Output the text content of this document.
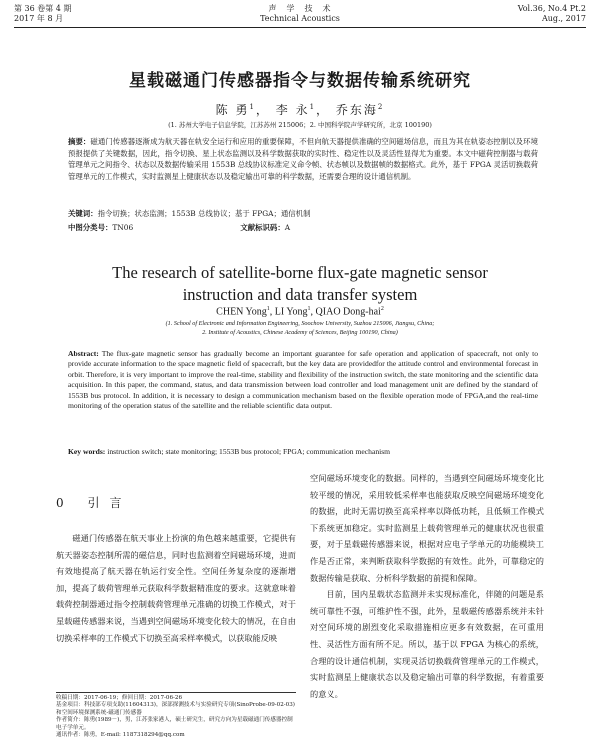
第 36 卷第 4 期
2017 年 8 月
声　学　技　术
Technical Acoustics
Vol.36, No.4 Pt.2
Aug., 2017
星载磁通门传感器指令与数据传输系统研究
陈 勇$^1$， 李 永$^1$， 乔东海$^2$
(1. 苏州大学电子信息学院，江苏苏州 215006；2. 中国科学院声学研究所，北京 100190)
摘要：磁通门传感器逐渐成为航天器在轨安全运行和应用的重要保障，不但向航天器提供准确的空间磁场信息，而且为其在轨姿态控制以及环境预报提供了关键数据，因此，指令切换、星上状态监测以及科学数据获取的实时性、稳定性以及灵活性显得尤为重要。本文中磁荷控制器与载荷管理单元之间指令、状态以及数据传输采用 1553B 总线协议标准定义命令帧、状态帧以及数据帧的数据格式。此外，基于 FPGA 灵活切换载荷管理单元的工作模式，实时监测星上健康状态以及稳定输出可靠的科学数据，还需要合理的设计通信机制。
关键词：指令切换；状态监测；1553B 总线协议；基于 FPGA；通信机制
中图分类号：TN06	文献标识码：A
The research of satellite-borne flux-gate magnetic sensor
instruction and data transfer system
CHEN Yong$^1$, LI Yong$^1$, QIAO Dong-hai$^2$
(1. School of Electronic and Information Engineering, Soochow University, Suzhou 215006, Jiangsu, China;
2. Institute of Acoustics, Chinese Academy of Sciences, Beijing 100190, China)
Abstract: The flux-gate magnetic sensor has gradually become an important guarantee for safe operation and application of spacecraft, not only to provide accurate information to the space magnetic field of spacecraft, but the key data are providedfor the attitude control and environmental forecast in orbit. Therefore, it is very important to improve the real-time, stability and flexibility of the instruction switch, the state monitoring and the scientific data acquisition. In this paper, the command, status, and data transmission between load controller and load management unit are defined by the standard of 1553B bus protocol. In addition, it is necessary to design a communication mechanism based on the flexible operation mode of FPGA,and the real-time monitoring of the operation status of the satellite and the reliable scientific data output.
Key words: instruction switch; state monitoring; 1553B bus protocol; FPGA; communication mechanism
0 引言

磁通门传感器在航天事业上扮演的角色越来越重要，它提供有航天器姿态控制所需的磁信息，同时也监测着空间磁场环境，进而有效地提高了航天器在轨运行安全性。空间任务复杂度的逐渐增加，提高了载荷管理单元获取科学数据精准度的要求。这就意味着载荷控制器通过指令控制载荷管理单元准确的切换工作模式，对于星载磁传感器来说，当遇到空间磁场环境变化较大的情况，在自由切换采样率的工作模式下切换至高采样率模式，以获取能反映

空间磁场环境变化的数据。同样的，当遇到空间磁场环境变化比较平缓的情况，采用较低采样率也能获取反映空间磁场环境变化的数据，此时无需切换至高采样率以降低功耗，且低频工作模式下系统更加稳定。实时监测星上载荷管理单元的健康状况也很重要，对于星载磁传感器来说，根据对应电子学单元的功能模块工作是否正常，来判断获取科学数据的有效性。此外，可靠稳定的数据传输是获取、分析科学数据的前提和保障。

目前，国内星载状态监测并未实现标准化，伴随的问题是系统可靠性不强，可维护性不强，此外，星载磁传感器系统并未针对空间环境的剧烈变化采取措施相应更多有效数据，在可重用性、灵活性方面有所不足。所以，基于以 FPGA 为核心的系统，合理的设计通信机制，实现灵活切换载荷管理单元的工作模式，实时监测星上健康状态以及稳定输出可靠的科学数据，有着重要的意义。

收稿日期：2017-06-19；修回日期：2017-06-26
基金项目：科技部专项支助(11604313)，深部探测技术与实验研究专项(SinoProbe-09-02-03)和空间环境探测系统-磁通门传感器
作者简介：陈勇(1989－)，男，江苏张家港人，硕士研究生，研究方向为星载磁通门传感器控制电子学单元。
通讯作者：陈勇，E-mail: 1187318294@qq.com
